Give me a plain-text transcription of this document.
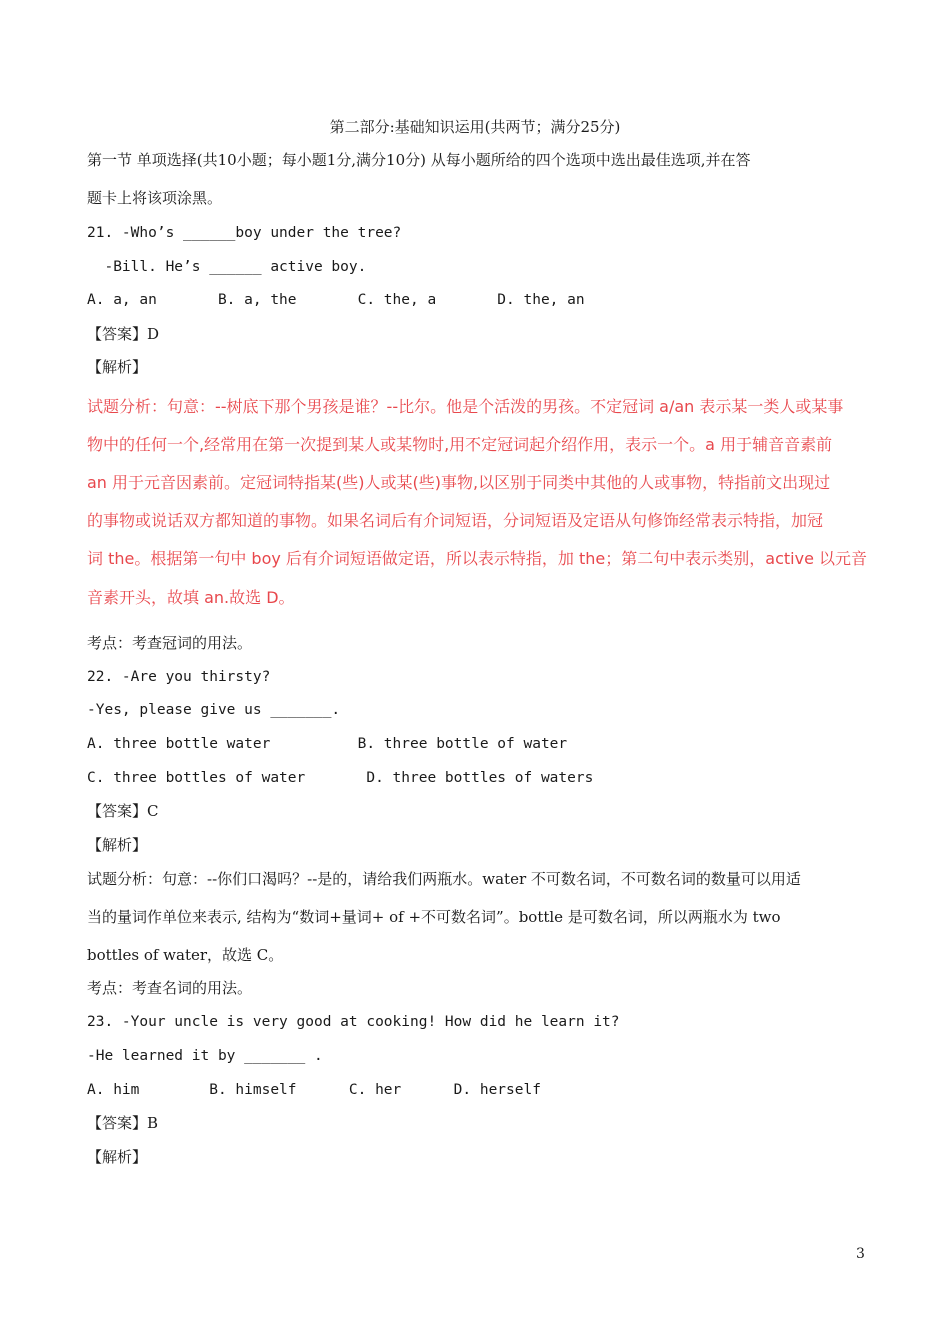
第二部分:基础知识运用(共两节；满分25分)
第一节 单项选择(共10小题；每小题1分,满分10分) 从每小题所给的四个选项中选出最佳选项,并在答
题卡上将该项涂黑。
21. -Who’s ______boy under the tree?
-Bill. He’s ______ active boy.
A. a, an       B. a, the       C. the, a       D. the, an
【答案】D
【解析】
试题分析：句意：--树底下那个男孩是谁？--比尔。他是个活泼的男孩。不定冠词 a/an 表示某一类人或某事
物中的任何一个,经常用在第一次提到某人或某物时,用不定冠词起介绍作用，表示一个。a 用于辅音音素前
an 用于元音因素前。定冠词特指某(些)人或某(些)事物,以区别于同类中其他的人或事物，特指前文出现过
的事物或说话双方都知道的事物。如果名词后有介词短语，分词短语及定语从句修饰经常表示特指，加冠
词 the。根据第一句中 boy 后有介词短语做定语，所以表示特指，加 the；第二句中表示类别，active 以元音
音素开头，故填 an.故选 D。
考点：考查冠词的用法。
22. -Are you thirsty?
-Yes, please give us _______.
A. three bottle water          B. three bottle of water
C. three bottles of water       D. three bottles of waters
【答案】C
【解析】
试题分析：句意：--你们口渴吗？--是的，请给我们两瓶水。water 不可数名词，不可数名词的数量可以用适
当的量词作单位来表示, 结构为“数词+量词+ of +不可数名词”。bottle 是可数名词，所以两瓶水为 two
bottles of water，故选 C。
考点：考查名词的用法。
23. -Your uncle is very good at cooking! How did he learn it?
-He learned it by _______ .
A. him        B. himself      C. her      D. herself
【答案】B
【解析】
3
